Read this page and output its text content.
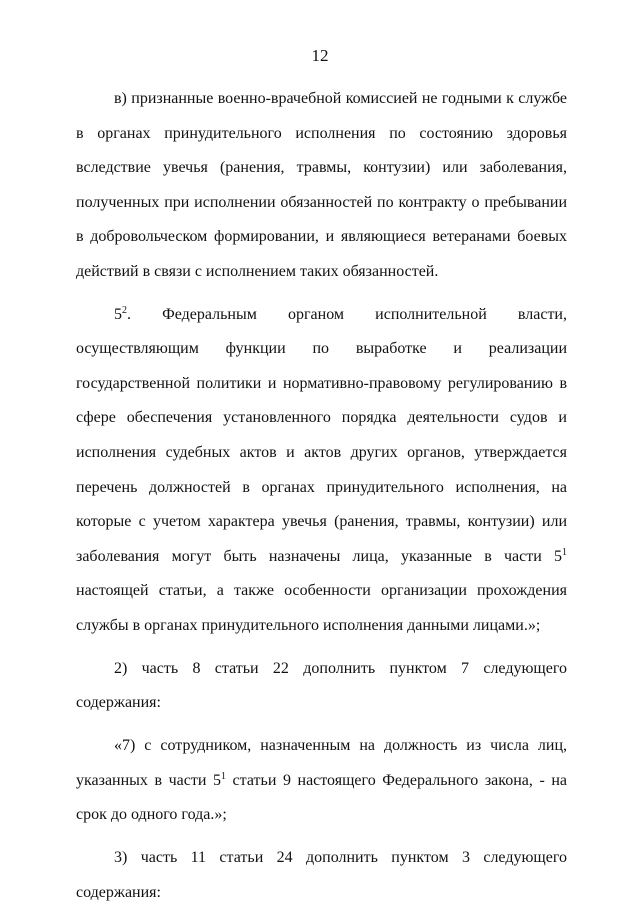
12

в) признанные военно-врачебной комиссией не годными к службе в органах принудительного исполнения по состоянию здоровья вследствие увечья (ранения, травмы, контузии) или заболевания, полученных при исполнении обязанностей по контракту о пребывании в добровольческом формировании, и являющиеся ветеранами боевых действий в связи с исполнением таких обязанностей.

$5^2$. Федеральным органом исполнительной власти, осуществляющим функции по выработке и реализации государственной политики и нормативно-правовому регулированию в сфере обеспечения установленного порядка деятельности судов и исполнения судебных актов и актов других органов, утверждается перечень должностей в органах принудительного исполнения, на которые с учетом характера увечья (ранения, травмы, контузии) или заболевания могут быть назначены лица, указанные в части $5^1$ настоящей статьи, а также особенности организации прохождения службы в органах принудительного исполнения данными лицами.»;

2) часть 8 статьи 22 дополнить пунктом 7 следующего содержания:

«7) с сотрудником, назначенным на должность из числа лиц, указанных в части $5^1$ статьи 9 настоящего Федерального закона, - на срок до одного года.»;

3) часть 11 статьи 24 дополнить пунктом 3 следующего содержания:
